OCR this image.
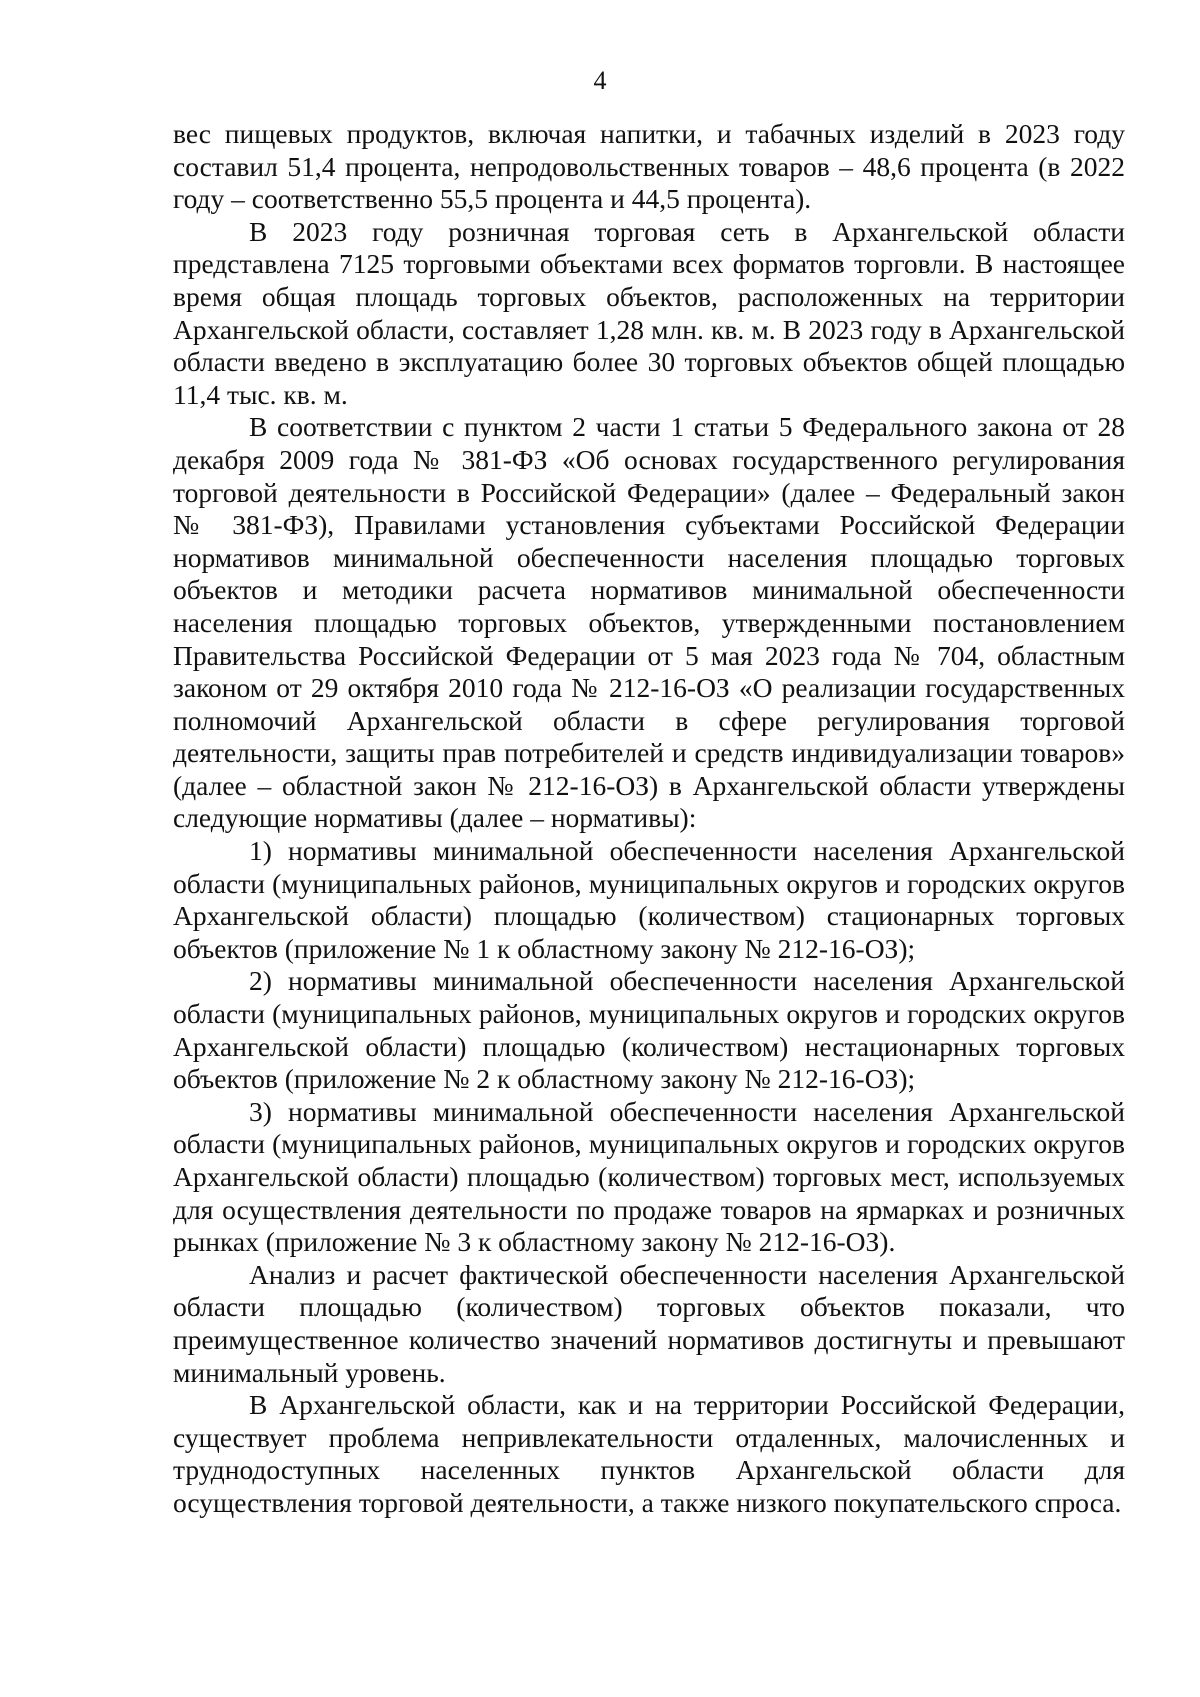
4

вес пищевых продуктов, включая напитки, и табачных изделий в 2023 году составил 51,4 процента, непродовольственных товаров – 48,6 процента (в 2022 году – соответственно 55,5 процента и 44,5 процента).

В 2023 году розничная торговая сеть в Архангельской области представлена 7125 торговыми объектами всех форматов торговли. В настоящее время общая площадь торговых объектов, расположенных на территории Архангельской области, составляет 1,28 млн. кв. м. В 2023 году в Архангельской области введено в эксплуатацию более 30 торговых объектов общей площадью 11,4 тыс. кв. м.

В соответствии с пунктом 2 части 1 статьи 5 Федерального закона от 28 декабря 2009 года № 381-ФЗ «Об основах государственного регулирования торговой деятельности в Российской Федерации» (далее – Федеральный закон № 381-ФЗ), Правилами установления субъектами Российской Федерации нормативов минимальной обеспеченности населения площадью торговых объектов и методики расчета нормативов минимальной обеспеченности населения площадью торговых объектов, утвержденными постановлением Правительства Российской Федерации от 5 мая 2023 года № 704, областным законом от 29 октября 2010 года № 212-16-ОЗ «О реализации государственных полномочий Архангельской области в сфере регулирования торговой деятельности, защиты прав потребителей и средств индивидуализации товаров» (далее – областной закон № 212-16-ОЗ) в Архангельской области утверждены следующие нормативы (далее – нормативы):

1) нормативы минимальной обеспеченности населения Архангельской области (муниципальных районов, муниципальных округов и городских округов Архангельской области) площадью (количеством) стационарных торговых объектов (приложение № 1 к областному закону № 212-16-ОЗ);

2) нормативы минимальной обеспеченности населения Архангельской области (муниципальных районов, муниципальных округов и городских округов Архангельской области) площадью (количеством) нестационарных торговых объектов (приложение № 2 к областному закону № 212-16-ОЗ);

3) нормативы минимальной обеспеченности населения Архангельской области (муниципальных районов, муниципальных округов и городских округов Архангельской области) площадью (количеством) торговых мест, используемых для осуществления деятельности по продаже товаров на ярмарках и розничных рынках (приложение № 3 к областному закону № 212-16-ОЗ).

Анализ и расчет фактической обеспеченности населения Архангельской области площадью (количеством) торговых объектов показали, что преимущественное количество значений нормативов достигнуты и превышают минимальный уровень.

В Архангельской области, как и на территории Российской Федерации, существует проблема непривлекательности отдаленных, малочисленных и труднодоступных населенных пунктов Архангельской области для осуществления торговой деятельности, а также низкого покупательского спроса.
